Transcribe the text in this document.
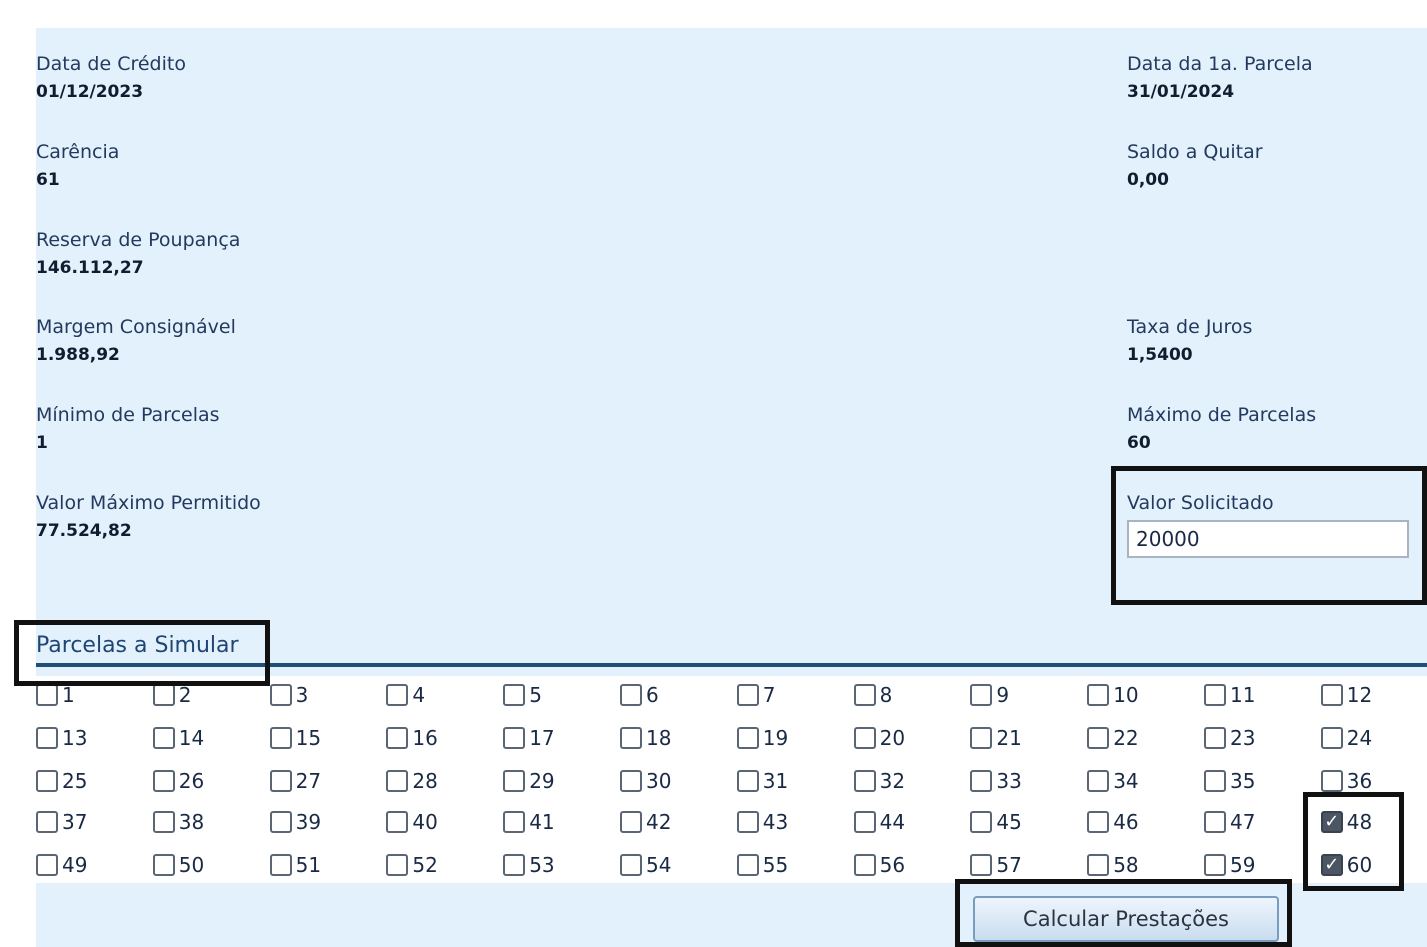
Data de Crédito
01/12/2023
Carência
61
Reserva de Poupança
146.112,27
Margem Consignável
1.988,92
Mínimo de Parcelas
1
Valor Máximo Permitido
77.524,82
Data da 1a. Parcela
31/01/2024
Saldo a Quitar
0,00
Taxa de Juros
1,5400
Máximo de Parcelas
60
Valor Solicitado
20000
Parcelas a Simular
1	2	3	4	5	6	7	8	9	10	11	12
13	14	15	16	17	18	19	20	21	22	23	24
25	26	27	28	29	30	31	32	33	34	35	36
37	38	39	40	41	42	43	44	45	46	47	✓ 48
49	50	51	52	53	54	55	56	57	58	59	✓ 60
Calcular Prestações
